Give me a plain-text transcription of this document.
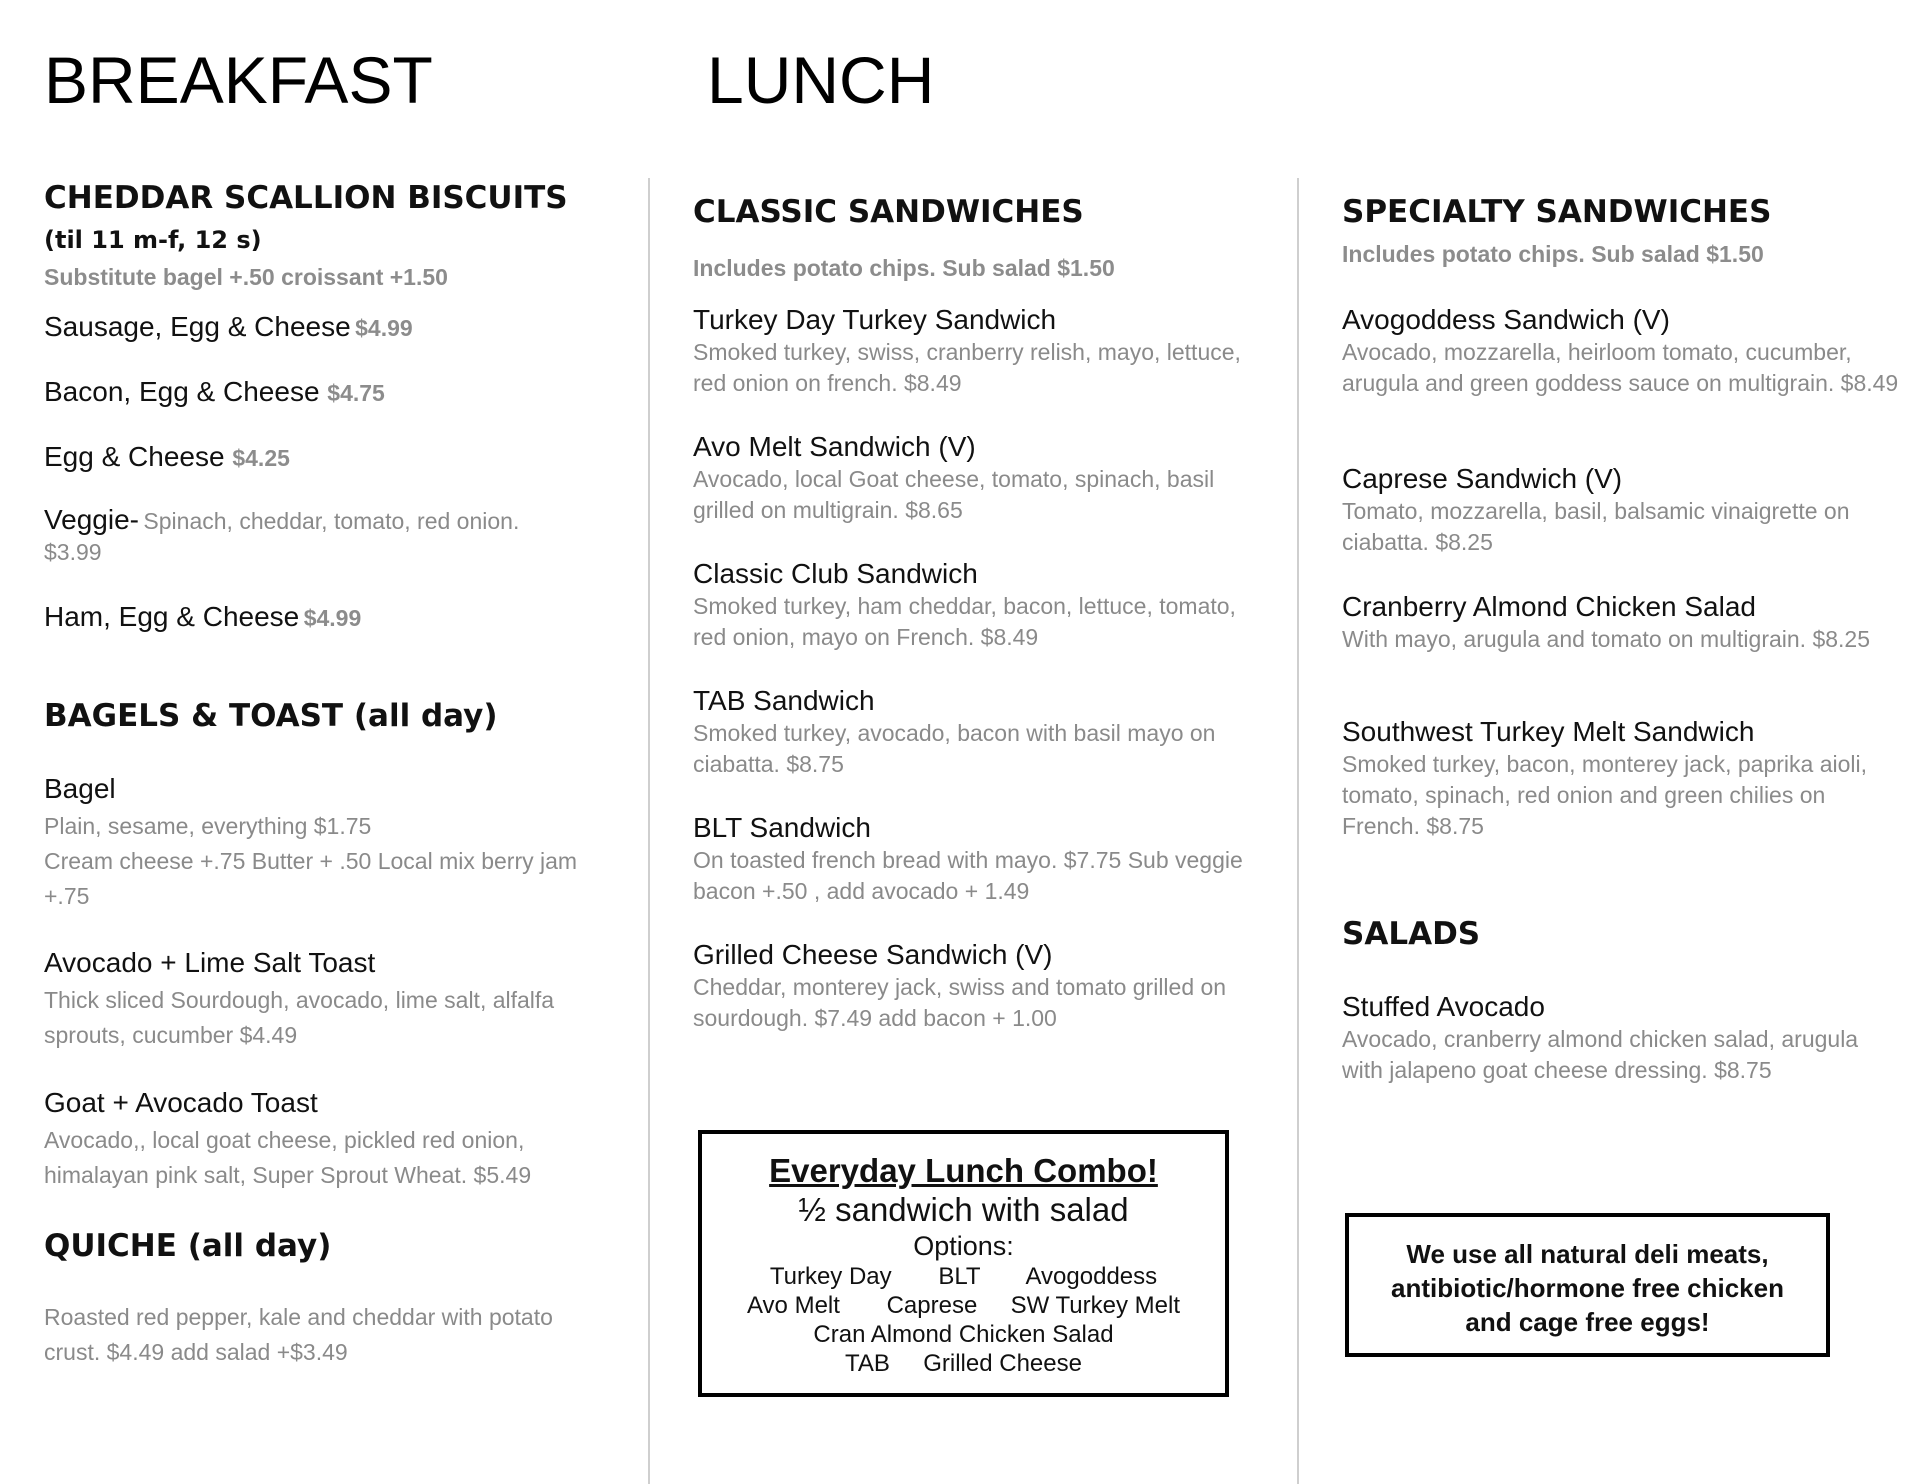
BREAKFAST	LUNCH
CHEDDAR SCALLION BISCUITS
(til 11 m-f, 12 s)
Substitute bagel +.50 croissant +1.50
Sausage, Egg & Cheese $4.99
Bacon, Egg & Cheese $4.75
Egg & Cheese $4.25
Veggie- Spinach, cheddar, tomato, red onion.
$3.99
Ham, Egg & Cheese $4.99
BAGELS & TOAST (all day)
Bagel
Plain, sesame, everything $1.75
Cream cheese +.75 Butter + .50 Local mix berry jam +.75
Avocado + Lime Salt Toast
Thick sliced Sourdough, avocado, lime salt, alfalfa sprouts, cucumber $4.49
Goat + Avocado Toast
Avocado,, local goat cheese, pickled red onion, himalayan pink salt, Super Sprout Wheat. $5.49
QUICHE (all day)
Roasted red pepper, kale and cheddar with potato crust. $4.49 add salad +$3.49
CLASSIC SANDWICHES
Includes potato chips. Sub salad $1.50
Turkey Day Turkey Sandwich
Smoked turkey, swiss, cranberry relish, mayo, lettuce, red onion on french. $8.49
Avo Melt Sandwich (V)
Avocado, local Goat cheese, tomato, spinach, basil grilled on multigrain. $8.65
Classic Club Sandwich
Smoked turkey, ham cheddar, bacon, lettuce, tomato, red onion, mayo on French. $8.49
TAB Sandwich
Smoked turkey, avocado, bacon with basil mayo on ciabatta. $8.75
BLT Sandwich
On toasted french bread with mayo. $7.75 Sub veggie bacon +.50 , add avocado + 1.49
Grilled Cheese Sandwich (V)
Cheddar, monterey jack, swiss and tomato grilled on sourdough. $7.49 add bacon + 1.00
Everyday Lunch Combo!
½ sandwich with salad
Options:
Turkey Day       BLT       Avogoddess
Avo Melt       Caprese     SW Turkey Melt
Cran Almond Chicken Salad
TAB     Grilled Cheese
SPECIALTY SANDWICHES
Includes potato chips. Sub salad $1.50
Avogoddess Sandwich (V)
Avocado, mozzarella, heirloom tomato, cucumber, arugula and green goddess sauce on multigrain. $8.49
Caprese Sandwich (V)
Tomato, mozzarella, basil, balsamic vinaigrette on ciabatta. $8.25
Cranberry Almond Chicken Salad
With mayo, arugula and tomato on multigrain. $8.25
Southwest Turkey Melt Sandwich
Smoked turkey, bacon, monterey jack, paprika aioli, tomato, spinach, red onion and green chilies on French. $8.75
SALADS
Stuffed Avocado
Avocado, cranberry almond chicken salad, arugula with jalapeno goat cheese dressing. $8.75
We use all natural deli meats,
antibiotic/hormone free chicken
and cage free eggs!
